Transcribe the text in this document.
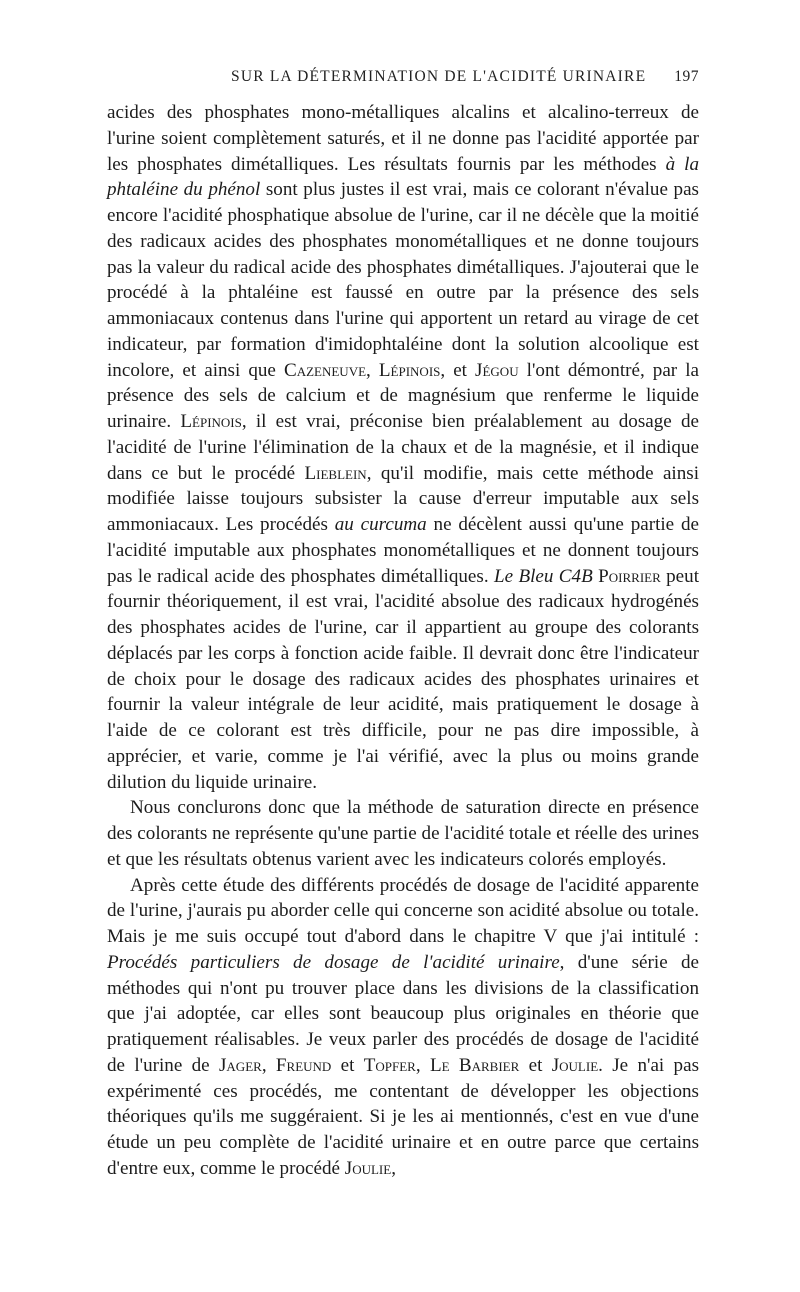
SUR LA DÉTERMINATION DE L'ACIDITÉ URINAIRE 197

acides des phosphates mono-métalliques alcalins et alcalino-terreux de l'urine soient complètement saturés, et il ne donne pas l'acidité apportée par les phosphates dimétalliques. Les résultats fournis par les méthodes à la phtaléine du phénol sont plus justes il est vrai, mais ce colorant n'évalue pas encore l'acidité phosphatique absolue de l'urine, car il ne décèle que la moitié des radicaux acides des phosphates monométalliques et ne donne toujours pas la valeur du radical acide des phosphates dimétalliques. J'ajouterai que le procédé à la phtaléine est faussé en outre par la présence des sels ammoniacaux contenus dans l'urine qui apportent un retard au virage de cet indicateur, par formation d'imidophtaléine dont la solution alcoolique est incolore, et ainsi que Cazeneuve, Lépinois, et Jégou l'ont démontré, par la présence des sels de calcium et de magnésium que renferme le liquide urinaire. Lépinois, il est vrai, préconise bien préalablement au dosage de l'acidité de l'urine l'élimination de la chaux et de la magnésie, et il indique dans ce but le procédé Lieblein, qu'il modifie, mais cette méthode ainsi modifiée laisse toujours subsister la cause d'erreur imputable aux sels ammoniacaux. Les procédés au curcuma ne décèlent aussi qu'une partie de l'acidité imputable aux phosphates monométalliques et ne donnent toujours pas le radical acide des phosphates dimétalliques. Le Bleu C4B Poirrier peut fournir théoriquement, il est vrai, l'acidité absolue des radicaux hydrogénés des phosphates acides de l'urine, car il appartient au groupe des colorants déplacés par les corps à fonction acide faible. Il devrait donc être l'indicateur de choix pour le dosage des radicaux acides des phosphates urinaires et fournir la valeur intégrale de leur acidité, mais pratiquement le dosage à l'aide de ce colorant est très difficile, pour ne pas dire impossible, à apprécier, et varie, comme je l'ai vérifié, avec la plus ou moins grande dilution du liquide urinaire.

Nous conclurons donc que la méthode de saturation directe en présence des colorants ne représente qu'une partie de l'acidité totale et réelle des urines et que les résultats obtenus varient avec les indicateurs colorés employés.

Après cette étude des différents procédés de dosage de l'acidité apparente de l'urine, j'aurais pu aborder celle qui concerne son acidité absolue ou totale. Mais je me suis occupé tout d'abord dans le chapitre V que j'ai intitulé : Procédés particuliers de dosage de l'acidité urinaire, d'une série de méthodes qui n'ont pu trouver place dans les divisions de la classification que j'ai adoptée, car elles sont beaucoup plus originales en théorie que pratiquement réalisables. Je veux parler des procédés de dosage de l'acidité de l'urine de Jager, Freund et Topfer, Le Barbier et Joulie. Je n'ai pas expérimenté ces procédés, me contentant de développer les objections théoriques qu'ils me suggéraient. Si je les ai mentionnés, c'est en vue d'une étude un peu complète de l'acidité urinaire et en outre parce que certains d'entre eux, comme le procédé Joulie,
